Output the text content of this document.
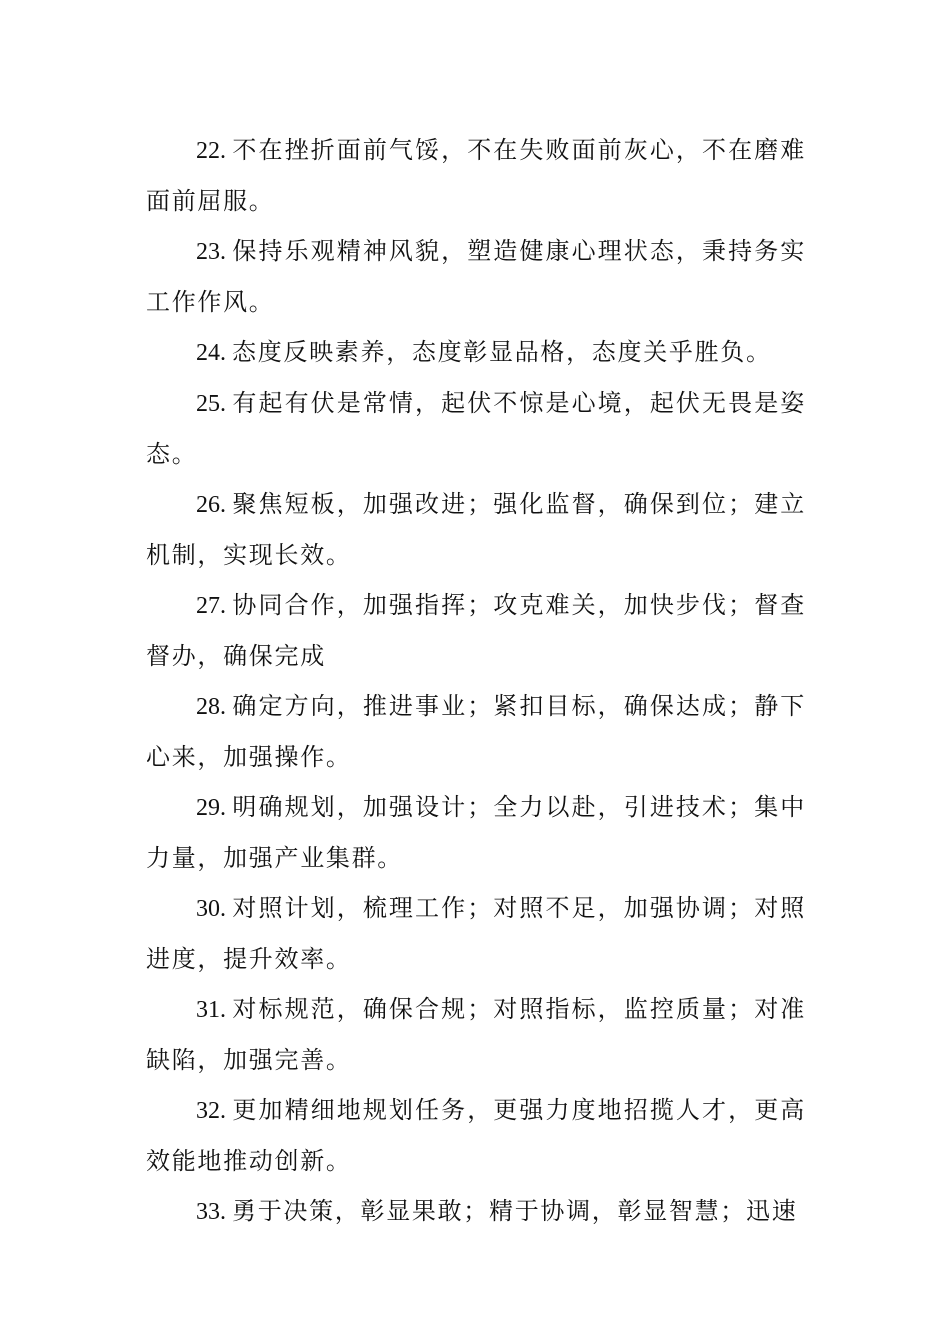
22. 不在挫折面前气馁，不在失败面前灰心，不在磨难面前屈服。

23. 保持乐观精神风貌，塑造健康心理状态，秉持务实工作作风。

24. 态度反映素养，态度彰显品格，态度关乎胜负。

25. 有起有伏是常情，起伏不惊是心境，起伏无畏是姿态。

26. 聚焦短板，加强改进；强化监督，确保到位；建立机制，实现长效。

27. 协同合作，加强指挥；攻克难关，加快步伐；督查督办，确保完成

28. 确定方向，推进事业；紧扣目标，确保达成；静下心来，加强操作。

29. 明确规划，加强设计；全力以赴，引进技术；集中力量，加强产业集群。

30. 对照计划，梳理工作；对照不足，加强协调；对照进度，提升效率。

31. 对标规范，确保合规；对照指标，监控质量；对准缺陷，加强完善。

32. 更加精细地规划任务，更强力度地招揽人才，更高效能地推动创新。

33. 勇于决策，彰显果敢；精于协调，彰显智慧；迅速
